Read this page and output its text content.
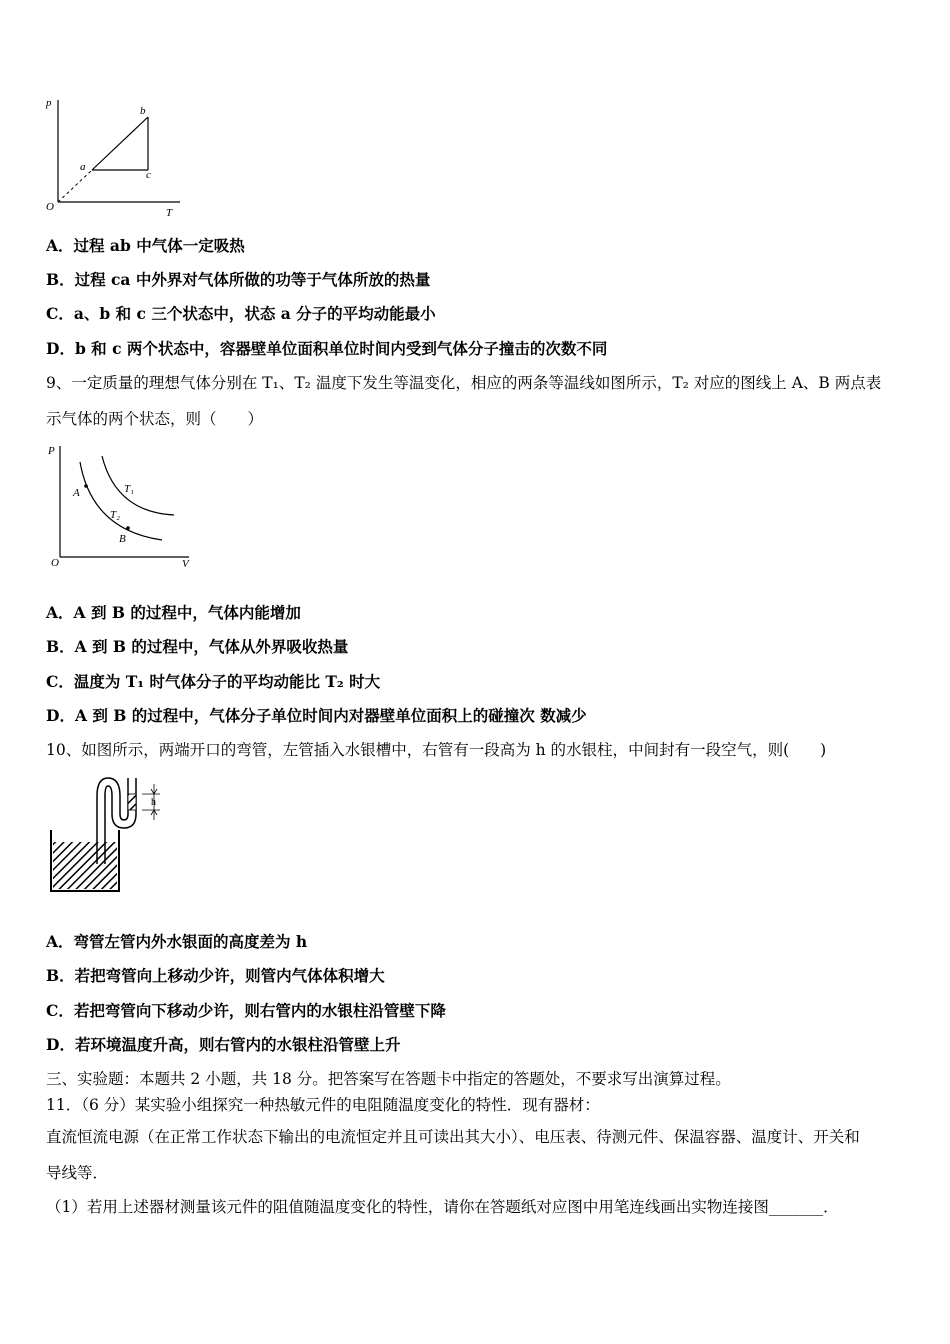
p
T
O
a
b
c
A．过程 ab 中气体一定吸热
B．过程 ca 中外界对气体所做的功等于气体所放的热量
C．a、b 和 c 三个状态中，状态 a 分子的平均动能最小
D．b 和 c 两个状态中，容器壁单位面积单位时间内受到气体分子撞击的次数不同
9、一定质量的理想气体分别在 T₁、T₂ 温度下发生等温变化，相应的两条等温线如图所示，T₂ 对应的图线上 A、B 两点表
示气体的两个状态，则（　　）
P
V
O
A
B
T₁
T₂
A．A 到 B 的过程中，气体内能增加
B．A 到 B 的过程中，气体从外界吸收热量
C．温度为 T₁ 时气体分子的平均动能比 T₂ 时大
D．A 到 B 的过程中，气体分子单位时间内对器壁单位面积上的碰撞次 数减少
10、如图所示，两端开口的弯管，左管插入水银槽中，右管有一段高为 h 的水银柱，中间封有一段空气，则(　　)
h
A．弯管左管内外水银面的高度差为 h
B．若把弯管向上移动少许，则管内气体体积增大
C．若把弯管向下移动少许，则右管内的水银柱沿管壁下降
D．若环境温度升高，则右管内的水银柱沿管壁上升
三、实验题：本题共 2 小题，共 18 分。把答案写在答题卡中指定的答题处，不要求写出演算过程。
11．（6 分）某实验小组探究一种热敏元件的电阻随温度变化的特性．现有器材：
直流恒流电源（在正常工作状态下输出的电流恒定并且可读出其大小）、电压表、待测元件、保温容器、温度计、开关和
导线等．
（1）若用上述器材测量该元件的阻值随温度变化的特性，请你在答题纸对应图中用笔连线画出实物连接图_______．
